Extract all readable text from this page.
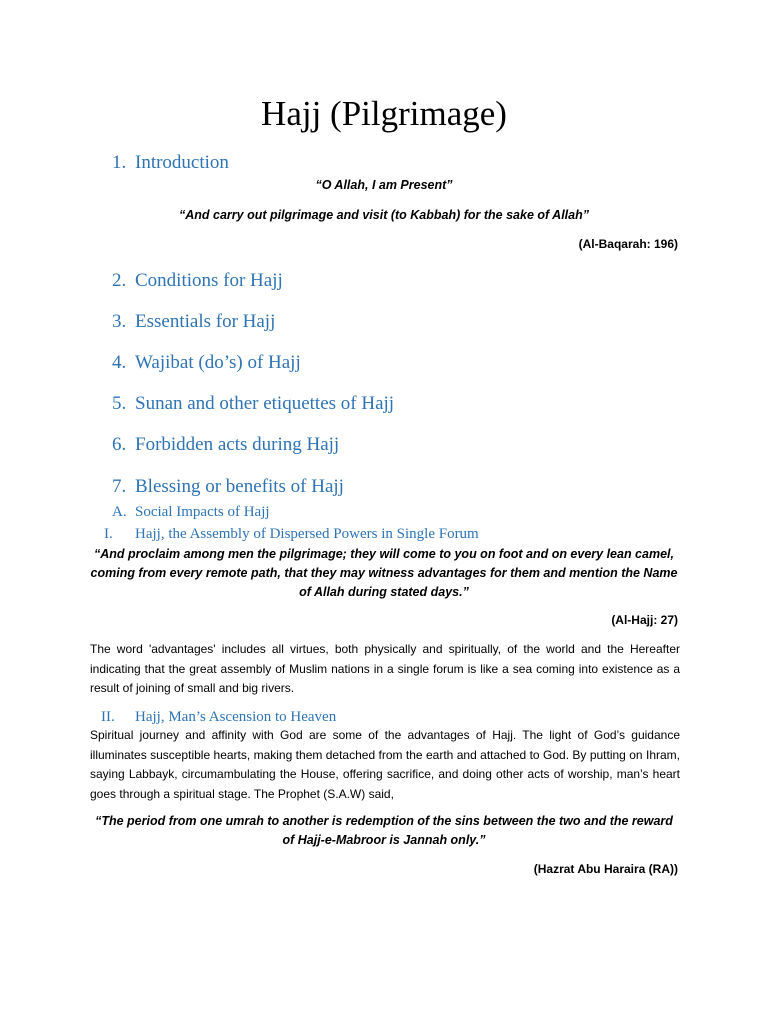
Hajj (Pilgrimage)
1. Introduction
“O Allah, I am Present”
“And carry out pilgrimage and visit (to Kabbah) for the sake of Allah”
(Al-Baqarah: 196)
2. Conditions for Hajj
3. Essentials for Hajj
4. Wajibat (do’s) of Hajj
5. Sunan and other etiquettes of Hajj
6. Forbidden acts during Hajj
7. Blessing or benefits of Hajj
A. Social Impacts of Hajj
I. Hajj, the Assembly of Dispersed Powers in Single Forum
“And proclaim among men the pilgrimage; they will come to you on foot and on every lean camel, coming from every remote path, that they may witness advantages for them and mention the Name of Allah during stated days.”
(Al-Hajj: 27)
The word 'advantages' includes all virtues, both physically and spiritually, of the world and the Hereafter indicating that the great assembly of Muslim nations in a single forum is like a sea coming into existence as a result of joining of small and big rivers.
II. Hajj, Man’s Ascension to Heaven
Spiritual journey and affinity with God are some of the advantages of Hajj. The light of God’s guidance illuminates susceptible hearts, making them detached from the earth and attached to God. By putting on Ihram, saying Labbayk, circumambulating the House, offering sacrifice, and doing other acts of worship, man’s heart goes through a spiritual stage. The Prophet (S.A.W) said,
“The period from one umrah to another is redemption of the sins between the two and the reward of Hajj-e-Mabroor is Jannah only.”
(Hazrat Abu Haraira (RA))
